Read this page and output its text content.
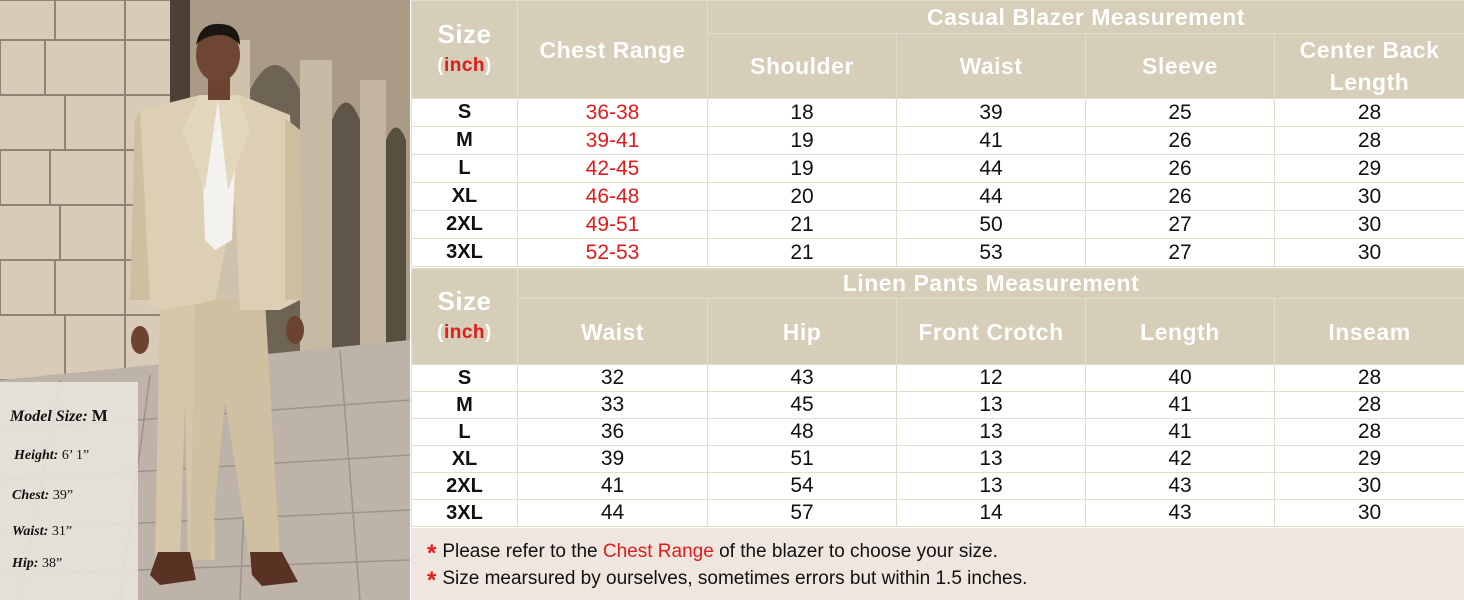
Model Size: M
Height: 6’ 1”
Chest: 39”
Waist: 31”
Hip: 38”
Size
(inch)	Chest Range	Casual Blazer Measurement			
		Shoulder	Waist	Sleeve	Center Back Length
S	36-38	18	39	25	28
M	39-41	19	41	26	28
L	42-45	19	44	26	29
XL	46-48	20	44	26	30
2XL	49-51	21	50	27	30
3XL	52-53	21	53	27	30
Size
(inch)	Linen Pants Measurement				
	Waist	Hip	Front Crotch	Length	Inseam
S	32	43	12	40	28
M	33	45	13	41	28
L	36	48	13	41	28
XL	39	51	13	42	29
2XL	41	54	13	43	30
3XL	44	57	14	43	30
* Please refer to the Chest Range of the blazer to choose your size.
* Size mearsured by ourselves, sometimes errors but within 1.5 inches.
